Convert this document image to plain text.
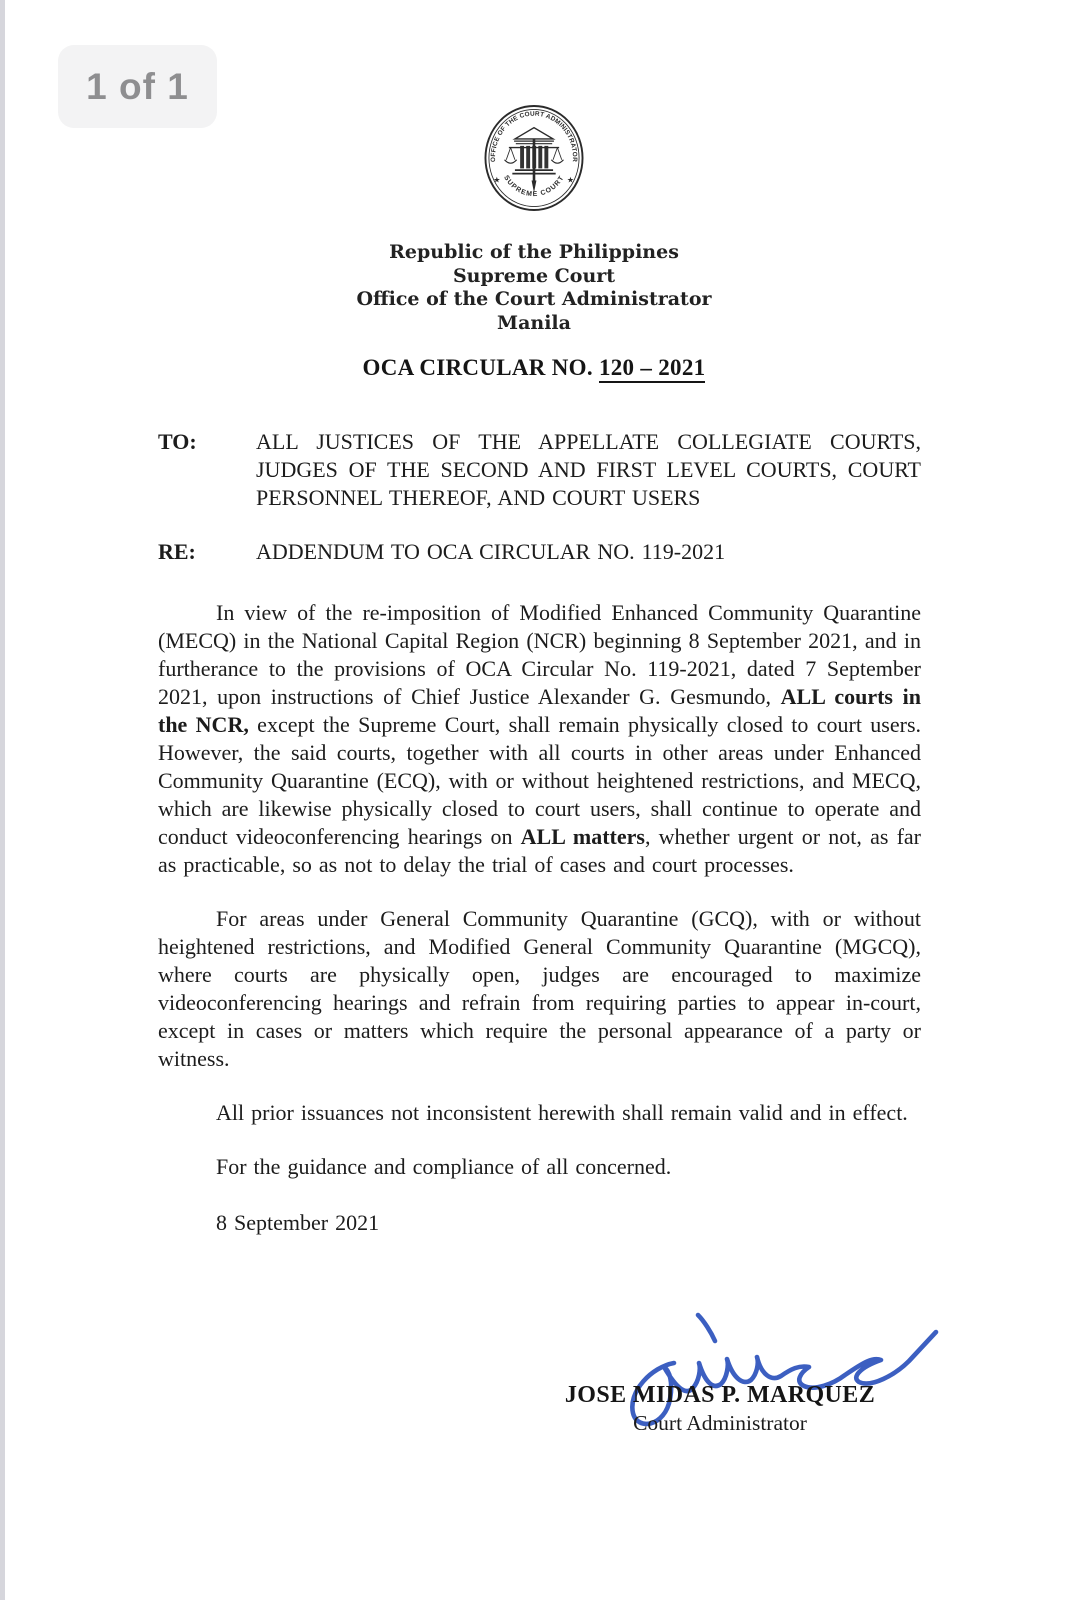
1 of 1
OFFICE OF THE COURT ADMINISTRATOR
SUPREME COURT
★	★
Republic of the Philippines
Supreme Court
Office of the Court Administrator
Manila
OCA CIRCULAR NO. 120 – 2021
TO:	ALL JUSTICES OF THE APPELLATE COLLEGIATE COURTS, JUDGES OF THE SECOND AND FIRST LEVEL COURTS, COURT PERSONNEL THEREOF, AND COURT USERS
RE:	ADDENDUM TO OCA CIRCULAR NO. 119-2021

In view of the re-imposition of Modified Enhanced Community Quarantine (MECQ) in the National Capital Region (NCR) beginning 8 September 2021, and in furtherance to the provisions of OCA Circular No. 119-2021, dated 7 September 2021, upon instructions of Chief Justice Alexander G. Gesmundo, ALL courts in the NCR, except the Supreme Court, shall remain physically closed to court users. However, the said courts, together with all courts in other areas under Enhanced Community Quarantine (ECQ), with or without heightened restrictions, and MECQ, which are likewise physically closed to court users, shall continue to operate and conduct videoconferencing hearings on ALL matters, whether urgent or not, as far as practicable, so as not to delay the trial of cases and court processes.

For areas under General Community Quarantine (GCQ), with or without heightened restrictions, and Modified General Community Quarantine (MGCQ), where courts are physically open, judges are encouraged to maximize videoconferencing hearings and refrain from requiring parties to appear in-court, except in cases or matters which require the personal appearance of a party or witness.

All prior issuances not inconsistent herewith shall remain valid and in effect.

For the guidance and compliance of all concerned.

8 September 2021
JOSE MIDAS P. MARQUEZ
Court Administrator
